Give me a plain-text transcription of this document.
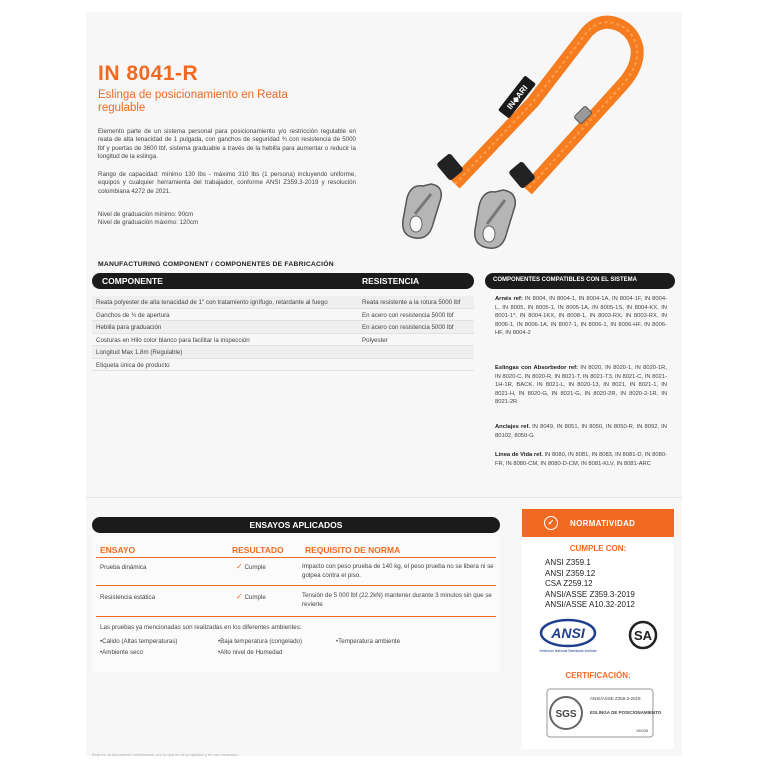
IN 8041-R
Eslinga de posicionamiento en Reata regulable
Elemento parte de un sistema personal para posicionamiento y/o restricción regulable en reata de alta tenacidad de 1 pulgada, con ganchos de seguridad ¾ con resistencia de 5000 lbf y puertas de 3600 lbf, sistema graduable a través de la hebilla para aumentar o reducir la longitud de la eslinga.
Rango de capacidad: mínimo 130 lbs - máximo 310 lbs (1 persona) incluyendo uniforme, equipos y cualquier herramienta del trabajador, conforme ANSI Z359.3-2019 y resolución colombiana 4272 de 2021.
Nivel de graduación mínimo: 90cm
Nivel de graduación máximo: 120cm
IN◆ARI
MANUFACTURING COMPONENT / COMPONENTES DE FABRICACIÓN
COMPONENTE	RESISTENCIA
Reata polyester de alta tenacidad de 1" con tratamiento ignífugo, retardante al fuego	Reata resistente a la rotura 5000 lbf
Ganchos de ¾ de apertura	En acero con resistencia 5000 lbf
Hebilla para graduación	En acero con resistencia 5000 lbf
Costuras en Hilo color blanco para facilitar la inspección	Polyester
Longitud Max 1.8m (Regulable)
Etiqueta única de producto
COMPONENTES COMPATIBLES CON EL SISTEMA
Arnés ref: IN 8004, IN 8004-1, IN 8004-1A, IN 8004-1F, IN 8004-L, IN 8005, IN 8005-1, IN 8005-1A, IN 8005-1S, IN 8004-KX, IN 8001-1*, IN 8004-1KX, IN 8008-1, IN 8003-RX, IN 8003-RX, IN 8006-1, IN 8006-1A, IN 8007-1, IN 8006-1, IN 8006-HF, IN 8006-HF, IN 8004-2
Eslingas con Absorbedor ref: IN 8020, IN 8020-1, IN 8020-1R, IN 8020-C, IN 8020-R, IN 8021-T, IN 8021-T3, IN 8021-C, IN 8021-1H-1R, BACK, IN 8021-L, IN 8020-13, IN 8021, IN 8021-1, IN 8021-H, IN 8020-G, IN 8021-G, IN 8020-2R, IN 8020-2-1R, IN 8021-2R
Anclajes ref. IN 8049, IN 8051, IN 8050, IN 8050-R, IN 8092, IN 80102, 8050-G
Línea de Vida ref. IN 8080, IN 8081, IN 8083, IN 8081-D, IN 8080-FR, IN 8080-CM, IN 8080-D-CM, IN 8081-KLV, IN 8081-ARC
ENSAYOS APLICADOS
ENSAYO	RESULTADO	REQUISITO DE NORMA
Prueba dinámica	✓ Cumple	Impacto con peso prueba de 140 kg, el peso prueba no se libera ni se golpea contra el piso.
Resistencia estática	✓ Cumple	Tensión de 5 000 lbf (22.2kN) mantener durante 3 minutos sin que se revierte
Las pruebas ya mencionadas son realizadas en los diferentes ambientes:
•Cálido (Altas temperaturas)	•Baja temperatura (congelado)	•Temperatura ambiente
•Ambiente seco	•Alto nivel de Humedad
✓	NORMATIVIDAD
CUMPLE CON:
ANSI Z359.1
ANSI Z359.12
CSA Z259.12
ANSI/ASSE Z359.3-2019
ANSI/ASSE A10.32-2012
ANSI
American National Standards Institute
SA
CERTIFICACIÓN:
SGS
ANSI/ASSE Z359.3-2019
ESLINGA DE POSICIONAMIENTO
15/035
Esta es un documento confidencial, por lo que es de propiedad y en uso exclusivo.
